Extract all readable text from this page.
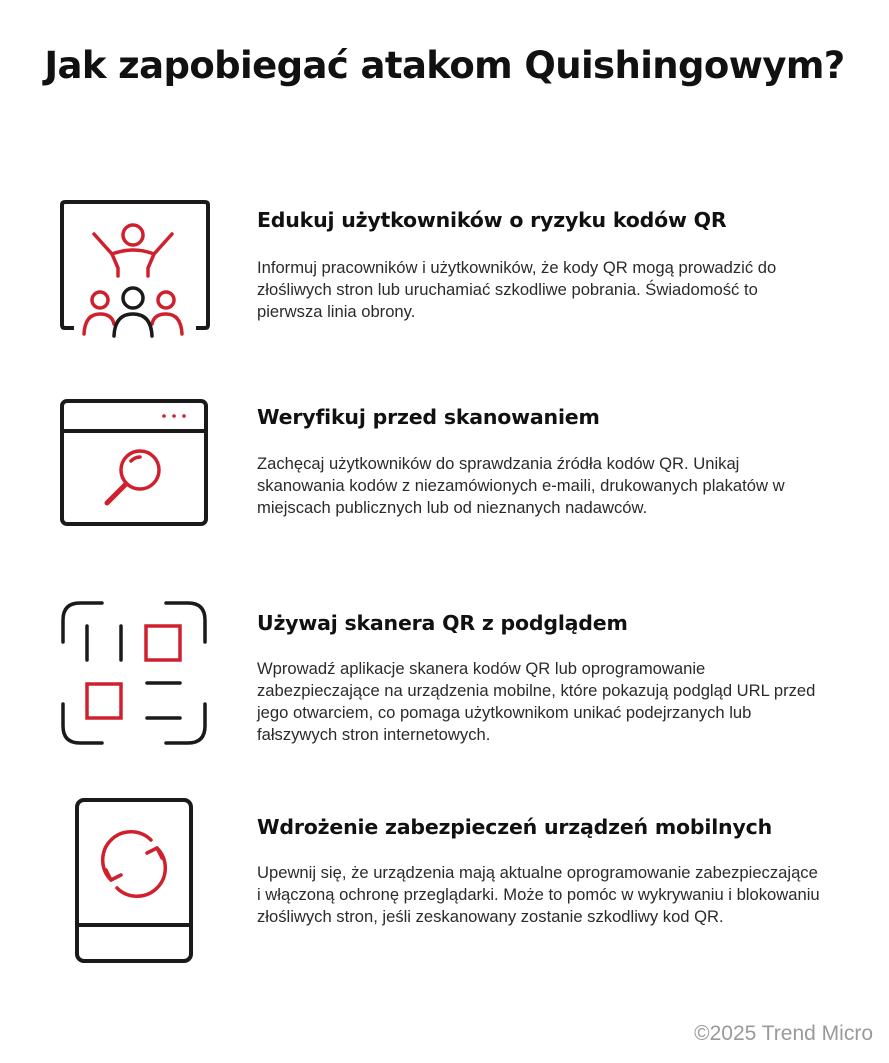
Jak zapobiegać atakom Quishingowym?
Edukuj użytkowników o ryzyku kodów QR

Informuj pracowników i użytkowników, że kody QR mogą prowadzić do złośliwych stron lub uruchamiać szkodliwe pobrania. Świadomość to pierwsza linia obrony.

Weryfikuj przed skanowaniem

Zachęcaj użytkowników do sprawdzania źródła kodów QR. Unikaj skanowania kodów z niezamówionych e-maili, drukowanych plakatów w miejscach publicznych lub od nieznanych nadawców.

Używaj skanera QR z podglądem

Wprowadź aplikacje skanera kodów QR lub oprogramowanie zabezpieczające na urządzenia mobilne, które pokazują podgląd URL przed jego otwarciem, co pomaga użytkownikom unikać podejrzanych lub fałszywych stron internetowych.

Wdrożenie zabezpieczeń urządzeń mobilnych

Upewnij się, że urządzenia mają aktualne oprogramowanie zabezpieczające i włączoną ochronę przeglądarki. Może to pomóc w wykrywaniu i blokowaniu złośliwych stron, jeśli zeskanowany zostanie szkodliwy kod QR.

©2025 Trend Micro
